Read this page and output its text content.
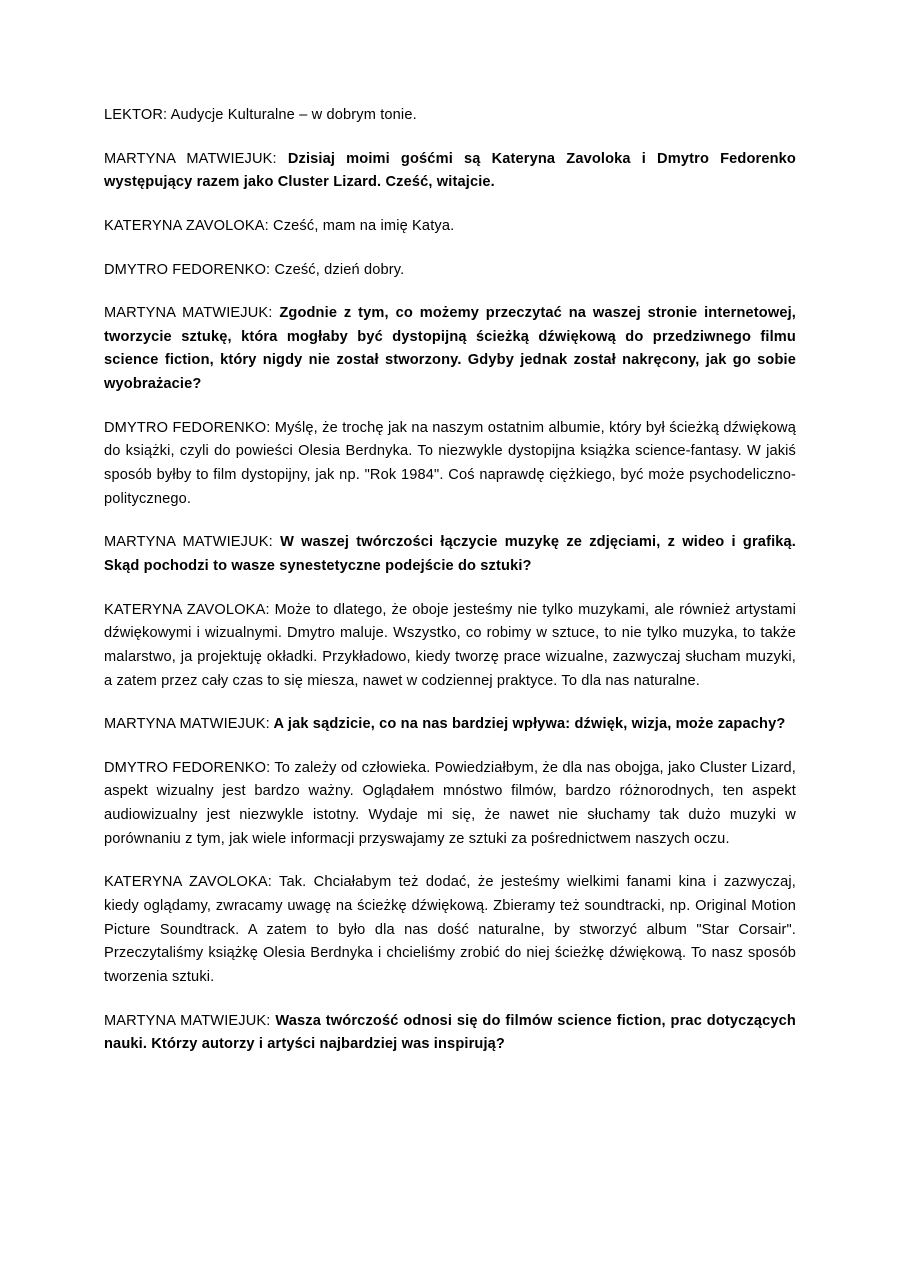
LEKTOR: Audycje Kulturalne – w dobrym tonie.

MARTYNA MATWIEJUK: Dzisiaj moimi gośćmi są Kateryna Zavoloka i Dmytro Fedorenko występujący razem jako Cluster Lizard. Cześć, witajcie.

KATERYNA ZAVOLOKA: Cześć, mam na imię Katya.

DMYTRO FEDORENKO: Cześć, dzień dobry.

MARTYNA MATWIEJUK: Zgodnie z tym, co możemy przeczytać na waszej stronie internetowej, tworzycie sztukę, która mogłaby być dystopijną ścieżką dźwiękową do przedziwnego filmu science fiction, który nigdy nie został stworzony. Gdyby jednak został nakręcony, jak go sobie wyobrażacie?

DMYTRO FEDORENKO: Myślę, że trochę jak na naszym ostatnim albumie, który był ścieżką dźwiękową do książki, czyli do powieści Olesia Berdnyka. To niezwykle dystopijna książka science-fantasy. W jakiś sposób byłby to film dystopijny, jak np. "Rok 1984". Coś naprawdę ciężkiego, być może psychodeliczno-politycznego.

MARTYNA MATWIEJUK: W waszej twórczości łączycie muzykę ze zdjęciami, z wideo i grafiką. Skąd pochodzi to wasze synestetyczne podejście do sztuki?

KATERYNA ZAVOLOKA: Może to dlatego, że oboje jesteśmy nie tylko muzykami, ale również artystami dźwiękowymi i wizualnymi. Dmytro maluje. Wszystko, co robimy w sztuce, to nie tylko muzyka, to także malarstwo, ja projektuję okładki. Przykładowo, kiedy tworzę prace wizualne, zazwyczaj słucham muzyki, a zatem przez cały czas to się miesza, nawet w codziennej praktyce. To dla nas naturalne.

MARTYNA MATWIEJUK: A jak sądzicie, co na nas bardziej wpływa: dźwięk, wizja, może zapachy?

DMYTRO FEDORENKO: To zależy od człowieka. Powiedziałbym, że dla nas obojga, jako Cluster Lizard, aspekt wizualny jest bardzo ważny. Oglądałem mnóstwo filmów, bardzo różnorodnych, ten aspekt audiowizualny jest niezwykle istotny. Wydaje mi się, że nawet nie słuchamy tak dużo muzyki w porównaniu z tym, jak wiele informacji przyswajamy ze sztuki za pośrednictwem naszych oczu.

KATERYNA ZAVOLOKA: Tak. Chciałabym też dodać, że jesteśmy wielkimi fanami kina i zazwyczaj, kiedy oglądamy, zwracamy uwagę na ścieżkę dźwiękową. Zbieramy też soundtracki, np. Original Motion Picture Soundtrack. A zatem to było dla nas dość naturalne, by stworzyć album "Star Corsair". Przeczytaliśmy książkę Olesia Berdnyka i chcieliśmy zrobić do niej ścieżkę dźwiękową. To nasz sposób tworzenia sztuki.

MARTYNA MATWIEJUK: Wasza twórczość odnosi się do filmów science fiction, prac dotyczących nauki. Którzy autorzy i artyści najbardziej was inspirują?
